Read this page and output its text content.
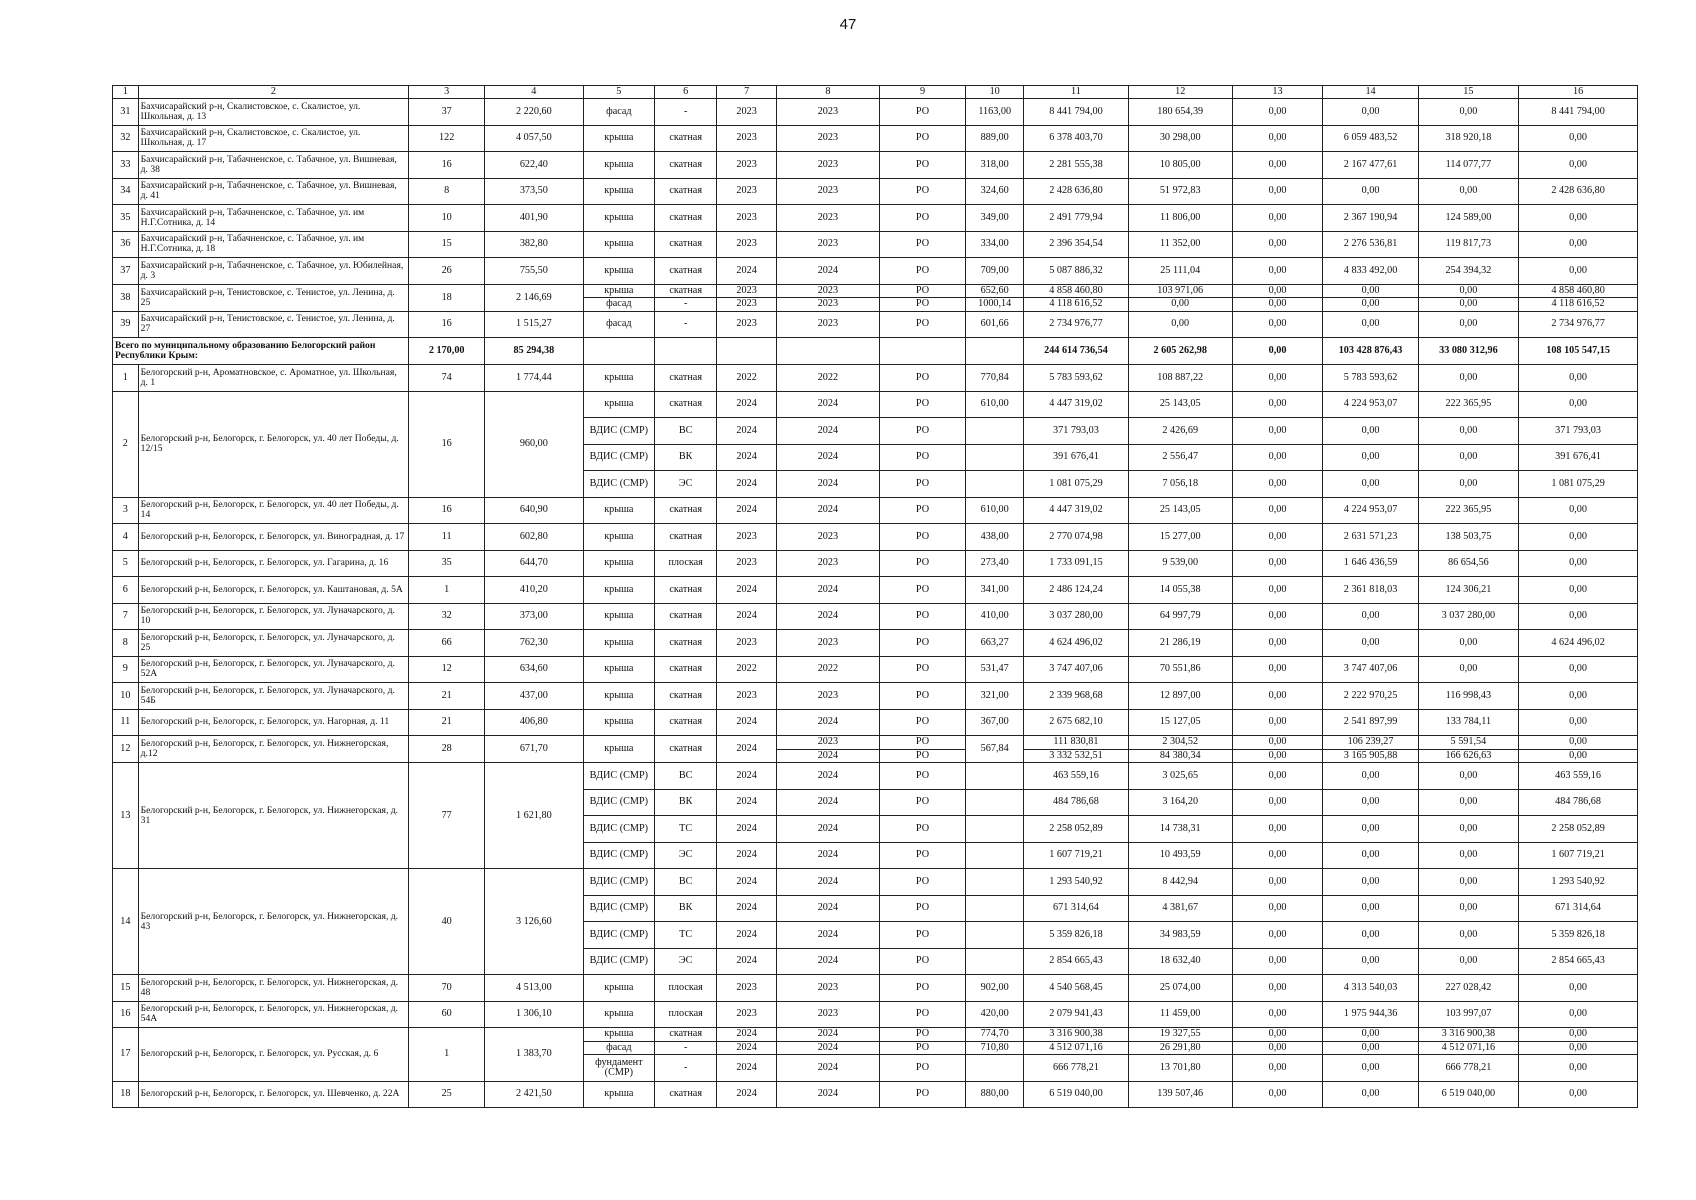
47
1	2	3	4	5	6	7	8	9	10	11	12	13	14	15	16
31	Бахчисарайский р-н, Скалистовское, с. Скалистое, ул. Школьная, д. 13	37	2 220,60	фасад	-	2023	2023	РО	1163,00	8 441 794,00	180 654,39	0,00	0,00	0,00	8 441 794,00
32	Бахчисарайский р-н, Скалистовское, с. Скалистое, ул. Школьная, д. 17	122	4 057,50	крыша	скатная	2023	2023	РО	889,00	6 378 403,70	30 298,00	0,00	6 059 483,52	318 920,18	0,00
33	Бахчисарайский р-н, Табачненское, с. Табачное, ул. Вишневая, д. 38	16	622,40	крыша	скатная	2023	2023	РО	318,00	2 281 555,38	10 805,00	0,00	2 167 477,61	114 077,77	0,00
34	Бахчисарайский р-н, Табачненское, с. Табачное, ул. Вишневая, д. 41	8	373,50	крыша	скатная	2023	2023	РО	324,60	2 428 636,80	51 972,83	0,00	0,00	0,00	2 428 636,80
35	Бахчисарайский р-н, Табачненское, с. Табачное, ул. им Н.Г.Сотника, д. 14	10	401,90	крыша	скатная	2023	2023	РО	349,00	2 491 779,94	11 806,00	0,00	2 367 190,94	124 589,00	0,00
36	Бахчисарайский р-н, Табачненское, с. Табачное, ул. им Н.Г.Сотника, д. 18	15	382,80	крыша	скатная	2023	2023	РО	334,00	2 396 354,54	11 352,00	0,00	2 276 536,81	119 817,73	0,00
37	Бахчисарайский р-н, Табачненское, с. Табачное, ул. Юбилейная, д. 3	26	755,50	крыша	скатная	2024	2024	РО	709,00	5 087 886,32	25 111,04	0,00	4 833 492,00	254 394,32	0,00
38	Бахчисарайский р-н, Тенистовское, с. Тенистое, ул. Ленина, д. 25	18	2 146,69	крыша	скатная	2023	2023	РО	652,60	4 858 460,80	103 971,06	0,00	0,00	0,00	4 858 460,80
				фасад	-	2023	2023	РО	1000,14	4 118 616,52	0,00	0,00	0,00	0,00	4 118 616,52
39	Бахчисарайский р-н, Тенистовское, с. Тенистое, ул. Ленина, д. 27	16	1 515,27	фасад	-	2023	2023	РО	601,66	2 734 976,77	0,00	0,00	0,00	0,00	2 734 976,77
Всего по муниципальному образованию Белогорский район Республики Крым:		2 170,00	85 294,38							244 614 736,54	2 605 262,98	0,00	103 428 876,43	33 080 312,96	108 105 547,15
1	Белогорский р-н, Ароматновское, с. Ароматное, ул. Школьная, д. 1	74	1 774,44	крыша	скатная	2022	2022	РО	770,84	5 783 593,62	108 887,22	0,00	5 783 593,62	0,00	0,00
2	Белогорский р-н, Белогорск, г. Белогорск, ул. 40 лет Победы, д. 12/15	16	960,00	крыша	скатная	2024	2024	РО	610,00	4 447 319,02	25 143,05	0,00	4 224 953,07	222 365,95	0,00
				ВДИС (СМР)	ВС	2024	2024	РО		371 793,03	2 426,69	0,00	0,00	0,00	371 793,03
				ВДИС (СМР)	ВК	2024	2024	РО		391 676,41	2 556,47	0,00	0,00	0,00	391 676,41
				ВДИС (СМР)	ЭС	2024	2024	РО		1 081 075,29	7 056,18	0,00	0,00	0,00	1 081 075,29
3	Белогорский р-н, Белогорск, г. Белогорск, ул. 40 лет Победы, д. 14	16	640,90	крыша	скатная	2024	2024	РО	610,00	4 447 319,02	25 143,05	0,00	4 224 953,07	222 365,95	0,00
4	Белогорский р-н, Белогорск, г. Белогорск, ул. Виноградная, д. 17	11	602,80	крыша	скатная	2023	2023	РО	438,00	2 770 074,98	15 277,00	0,00	2 631 571,23	138 503,75	0,00
5	Белогорский р-н, Белогорск, г. Белогорск, ул. Гагарина, д. 16	35	644,70	крыша	плоская	2023	2023	РО	273,40	1 733 091,15	9 539,00	0,00	1 646 436,59	86 654,56	0,00
6	Белогорский р-н, Белогорск, г. Белогорск, ул. Каштановая, д. 5А	1	410,20	крыша	скатная	2024	2024	РО	341,00	2 486 124,24	14 055,38	0,00	2 361 818,03	124 306,21	0,00
7	Белогорский р-н, Белогорск, г. Белогорск, ул. Луначарского, д. 10	32	373,00	крыша	скатная	2024	2024	РО	410,00	3 037 280,00	64 997,79	0,00	0,00	3 037 280,00	0,00
8	Белогорский р-н, Белогорск, г. Белогорск, ул. Луначарского, д. 25	66	762,30	крыша	скатная	2023	2023	РО	663,27	4 624 496,02	21 286,19	0,00	0,00	0,00	4 624 496,02
9	Белогорский р-н, Белогорск, г. Белогорск, ул. Луначарского, д. 52А	12	634,60	крыша	скатная	2022	2022	РО	531,47	3 747 407,06	70 551,86	0,00	3 747 407,06	0,00	0,00
10	Белогорский р-н, Белогорск, г. Белогорск, ул. Луначарского, д. 54Б	21	437,00	крыша	скатная	2023	2023	РО	321,00	2 339 968,68	12 897,00	0,00	2 222 970,25	116 998,43	0,00
11	Белогорский р-н, Белогорск, г. Белогорск, ул. Нагорная, д. 11	21	406,80	крыша	скатная	2024	2024	РО	367,00	2 675 682,10	15 127,05	0,00	2 541 897,99	133 784,11	0,00
12	Белогорский р-н, Белогорск, г. Белогорск, ул. Нижнегорская, д.12	28	671,70	крыша	скатная	2024	2023	РО	567,84	111 830,81	2 304,52	0,00	106 239,27	5 591,54	0,00
							2024	РО		3 332 532,51	84 380,34	0,00	3 165 905,88	166 626,63	0,00
13	Белогорский р-н, Белогорск, г. Белогорск, ул. Нижнегорская, д. 31	77	1 621,80	ВДИС (СМР)	ВС	2024	2024	РО		463 559,16	3 025,65	0,00	0,00	0,00	463 559,16
				ВДИС (СМР)	ВК	2024	2024	РО		484 786,68	3 164,20	0,00	0,00	0,00	484 786,68
				ВДИС (СМР)	ТС	2024	2024	РО		2 258 052,89	14 738,31	0,00	0,00	0,00	2 258 052,89
				ВДИС (СМР)	ЭС	2024	2024	РО		1 607 719,21	10 493,59	0,00	0,00	0,00	1 607 719,21
14	Белогорский р-н, Белогорск, г. Белогорск, ул. Нижнегорская, д. 43	40	3 126,60	ВДИС (СМР)	ВС	2024	2024	РО		1 293 540,92	8 442,94	0,00	0,00	0,00	1 293 540,92
				ВДИС (СМР)	ВК	2024	2024	РО		671 314,64	4 381,67	0,00	0,00	0,00	671 314,64
				ВДИС (СМР)	ТС	2024	2024	РО		5 359 826,18	34 983,59	0,00	0,00	0,00	5 359 826,18
				ВДИС (СМР)	ЭС	2024	2024	РО		2 854 665,43	18 632,40	0,00	0,00	0,00	2 854 665,43
15	Белогорский р-н, Белогорск, г. Белогорск, ул. Нижнегорская, д. 48	70	4 513,00	крыша	плоская	2023	2023	РО	902,00	4 540 568,45	25 074,00	0,00	4 313 540,03	227 028,42	0,00
16	Белогорский р-н, Белогорск, г. Белогорск, ул. Нижнегорская, д. 54А	60	1 306,10	крыша	плоская	2023	2023	РО	420,00	2 079 941,43	11 459,00	0,00	1 975 944,36	103 997,07	0,00
17	Белогорский р-н, Белогорск, г. Белогорск, ул. Русская, д. 6	1	1 383,70	крыша	скатная	2024	2024	РО	774,70	3 316 900,38	19 327,55	0,00	0,00	3 316 900,38	0,00
				фасад	-	2024	2024	РО	710,80	4 512 071,16	26 291,80	0,00	0,00	4 512 071,16	0,00
				фундамент (СМР)	-	2024	2024	РО		666 778,21	13 701,80	0,00	0,00	666 778,21	0,00
18	Белогорский р-н, Белогорск, г. Белогорск, ул. Шевченко, д. 22А	25	2 421,50	крыша	скатная	2024	2024	РО	880,00	6 519 040,00	139 507,46	0,00	0,00	6 519 040,00	0,00
